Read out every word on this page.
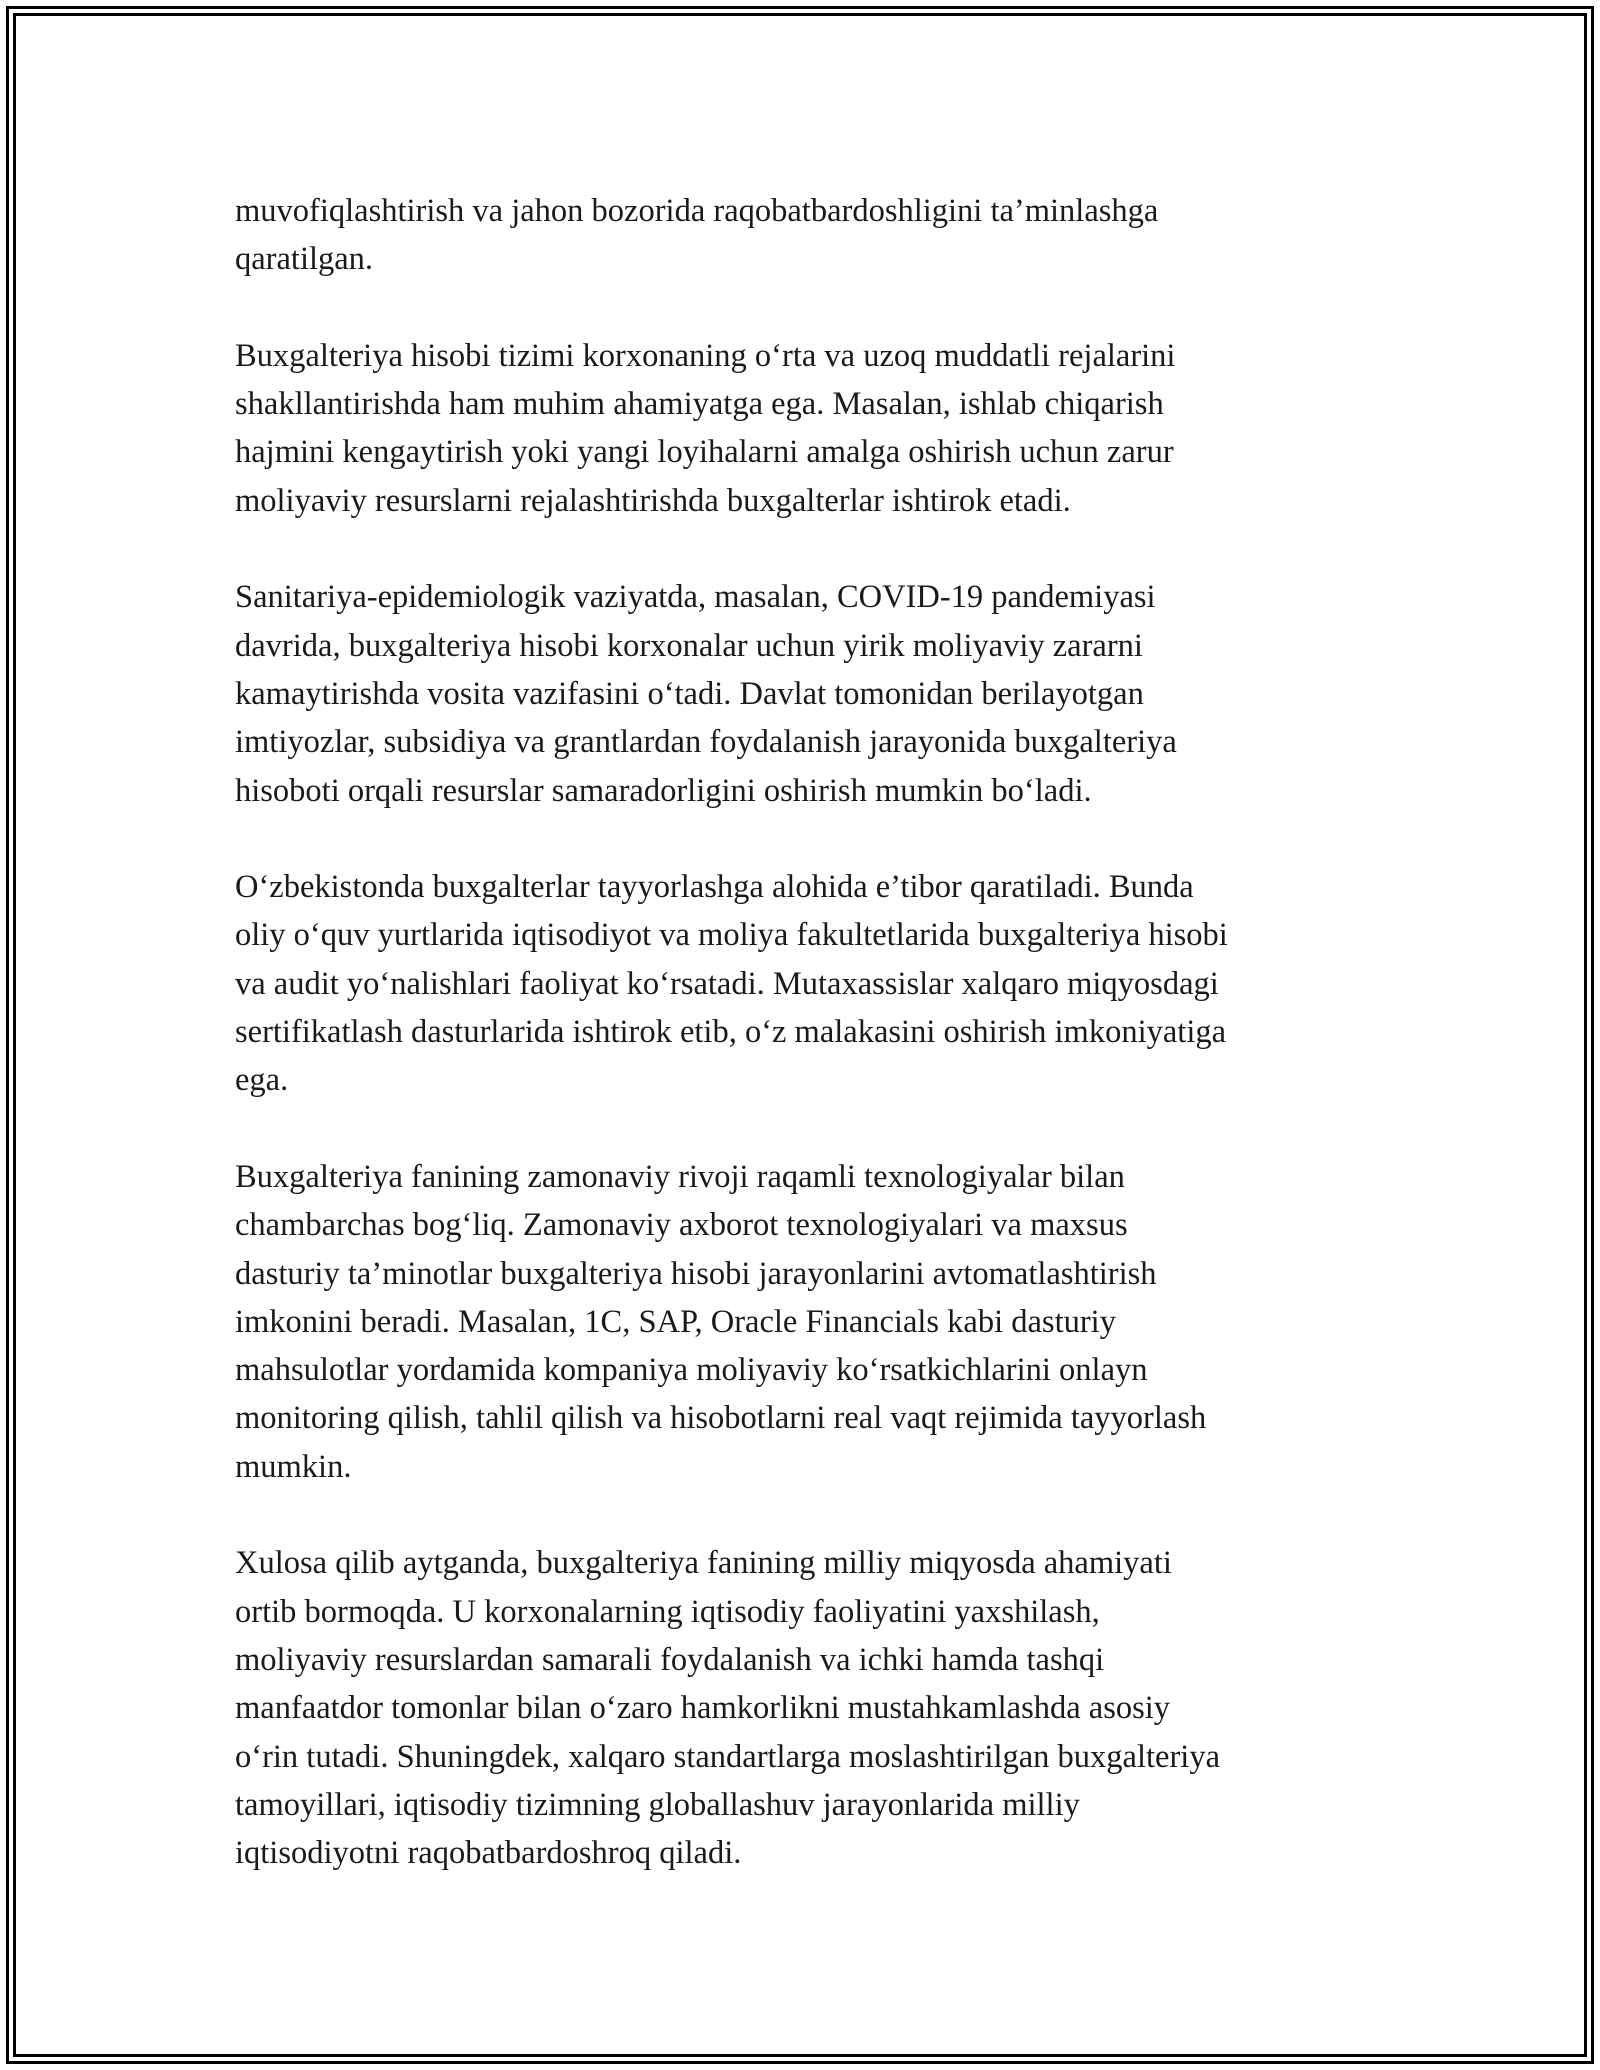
muvofiqlashtirish va jahon bozorida raqobatbardoshligini ta’minlashga
qaratilgan.

Buxgalteriya hisobi tizimi korxonaning o‘rta va uzoq muddatli rejalarini
shakllantirishda ham muhim ahamiyatga ega. Masalan, ishlab chiqarish
hajmini kengaytirish yoki yangi loyihalarni amalga oshirish uchun zarur
moliyaviy resurslarni rejalashtirishda buxgalterlar ishtirok etadi.

Sanitariya-epidemiologik vaziyatda, masalan, COVID-19 pandemiyasi
davrida, buxgalteriya hisobi korxonalar uchun yirik moliyaviy zararni
kamaytirishda vosita vazifasini o‘tadi. Davlat tomonidan berilayotgan
imtiyozlar, subsidiya va grantlardan foydalanish jarayonida buxgalteriya
hisoboti orqali resurslar samaradorligini oshirish mumkin bo‘ladi.

O‘zbekistonda buxgalterlar tayyorlashga alohida e’tibor qaratiladi. Bunda
oliy o‘quv yurtlarida iqtisodiyot va moliya fakultetlarida buxgalteriya hisobi
va audit yo‘nalishlari faoliyat ko‘rsatadi. Mutaxassislar xalqaro miqyosdagi
sertifikatlash dasturlarida ishtirok etib, o‘z malakasini oshirish imkoniyatiga
ega.

Buxgalteriya fanining zamonaviy rivoji raqamli texnologiyalar bilan
chambarchas bog‘liq. Zamonaviy axborot texnologiyalari va maxsus
dasturiy ta’minotlar buxgalteriya hisobi jarayonlarini avtomatlashtirish
imkonini beradi. Masalan, 1C, SAP, Oracle Financials kabi dasturiy
mahsulotlar yordamida kompaniya moliyaviy ko‘rsatkichlarini onlayn
monitoring qilish, tahlil qilish va hisobotlarni real vaqt rejimida tayyorlash
mumkin.

Xulosa qilib aytganda, buxgalteriya fanining milliy miqyosda ahamiyati
ortib bormoqda. U korxonalarning iqtisodiy faoliyatini yaxshilash,
moliyaviy resurslardan samarali foydalanish va ichki hamda tashqi
manfaatdor tomonlar bilan o‘zaro hamkorlikni mustahkamlashda asosiy
o‘rin tutadi. Shuningdek, xalqaro standartlarga moslashtirilgan buxgalteriya
tamoyillari, iqtisodiy tizimning globallashuv jarayonlarida milliy
iqtisodiyotni raqobatbardoshroq qiladi.
